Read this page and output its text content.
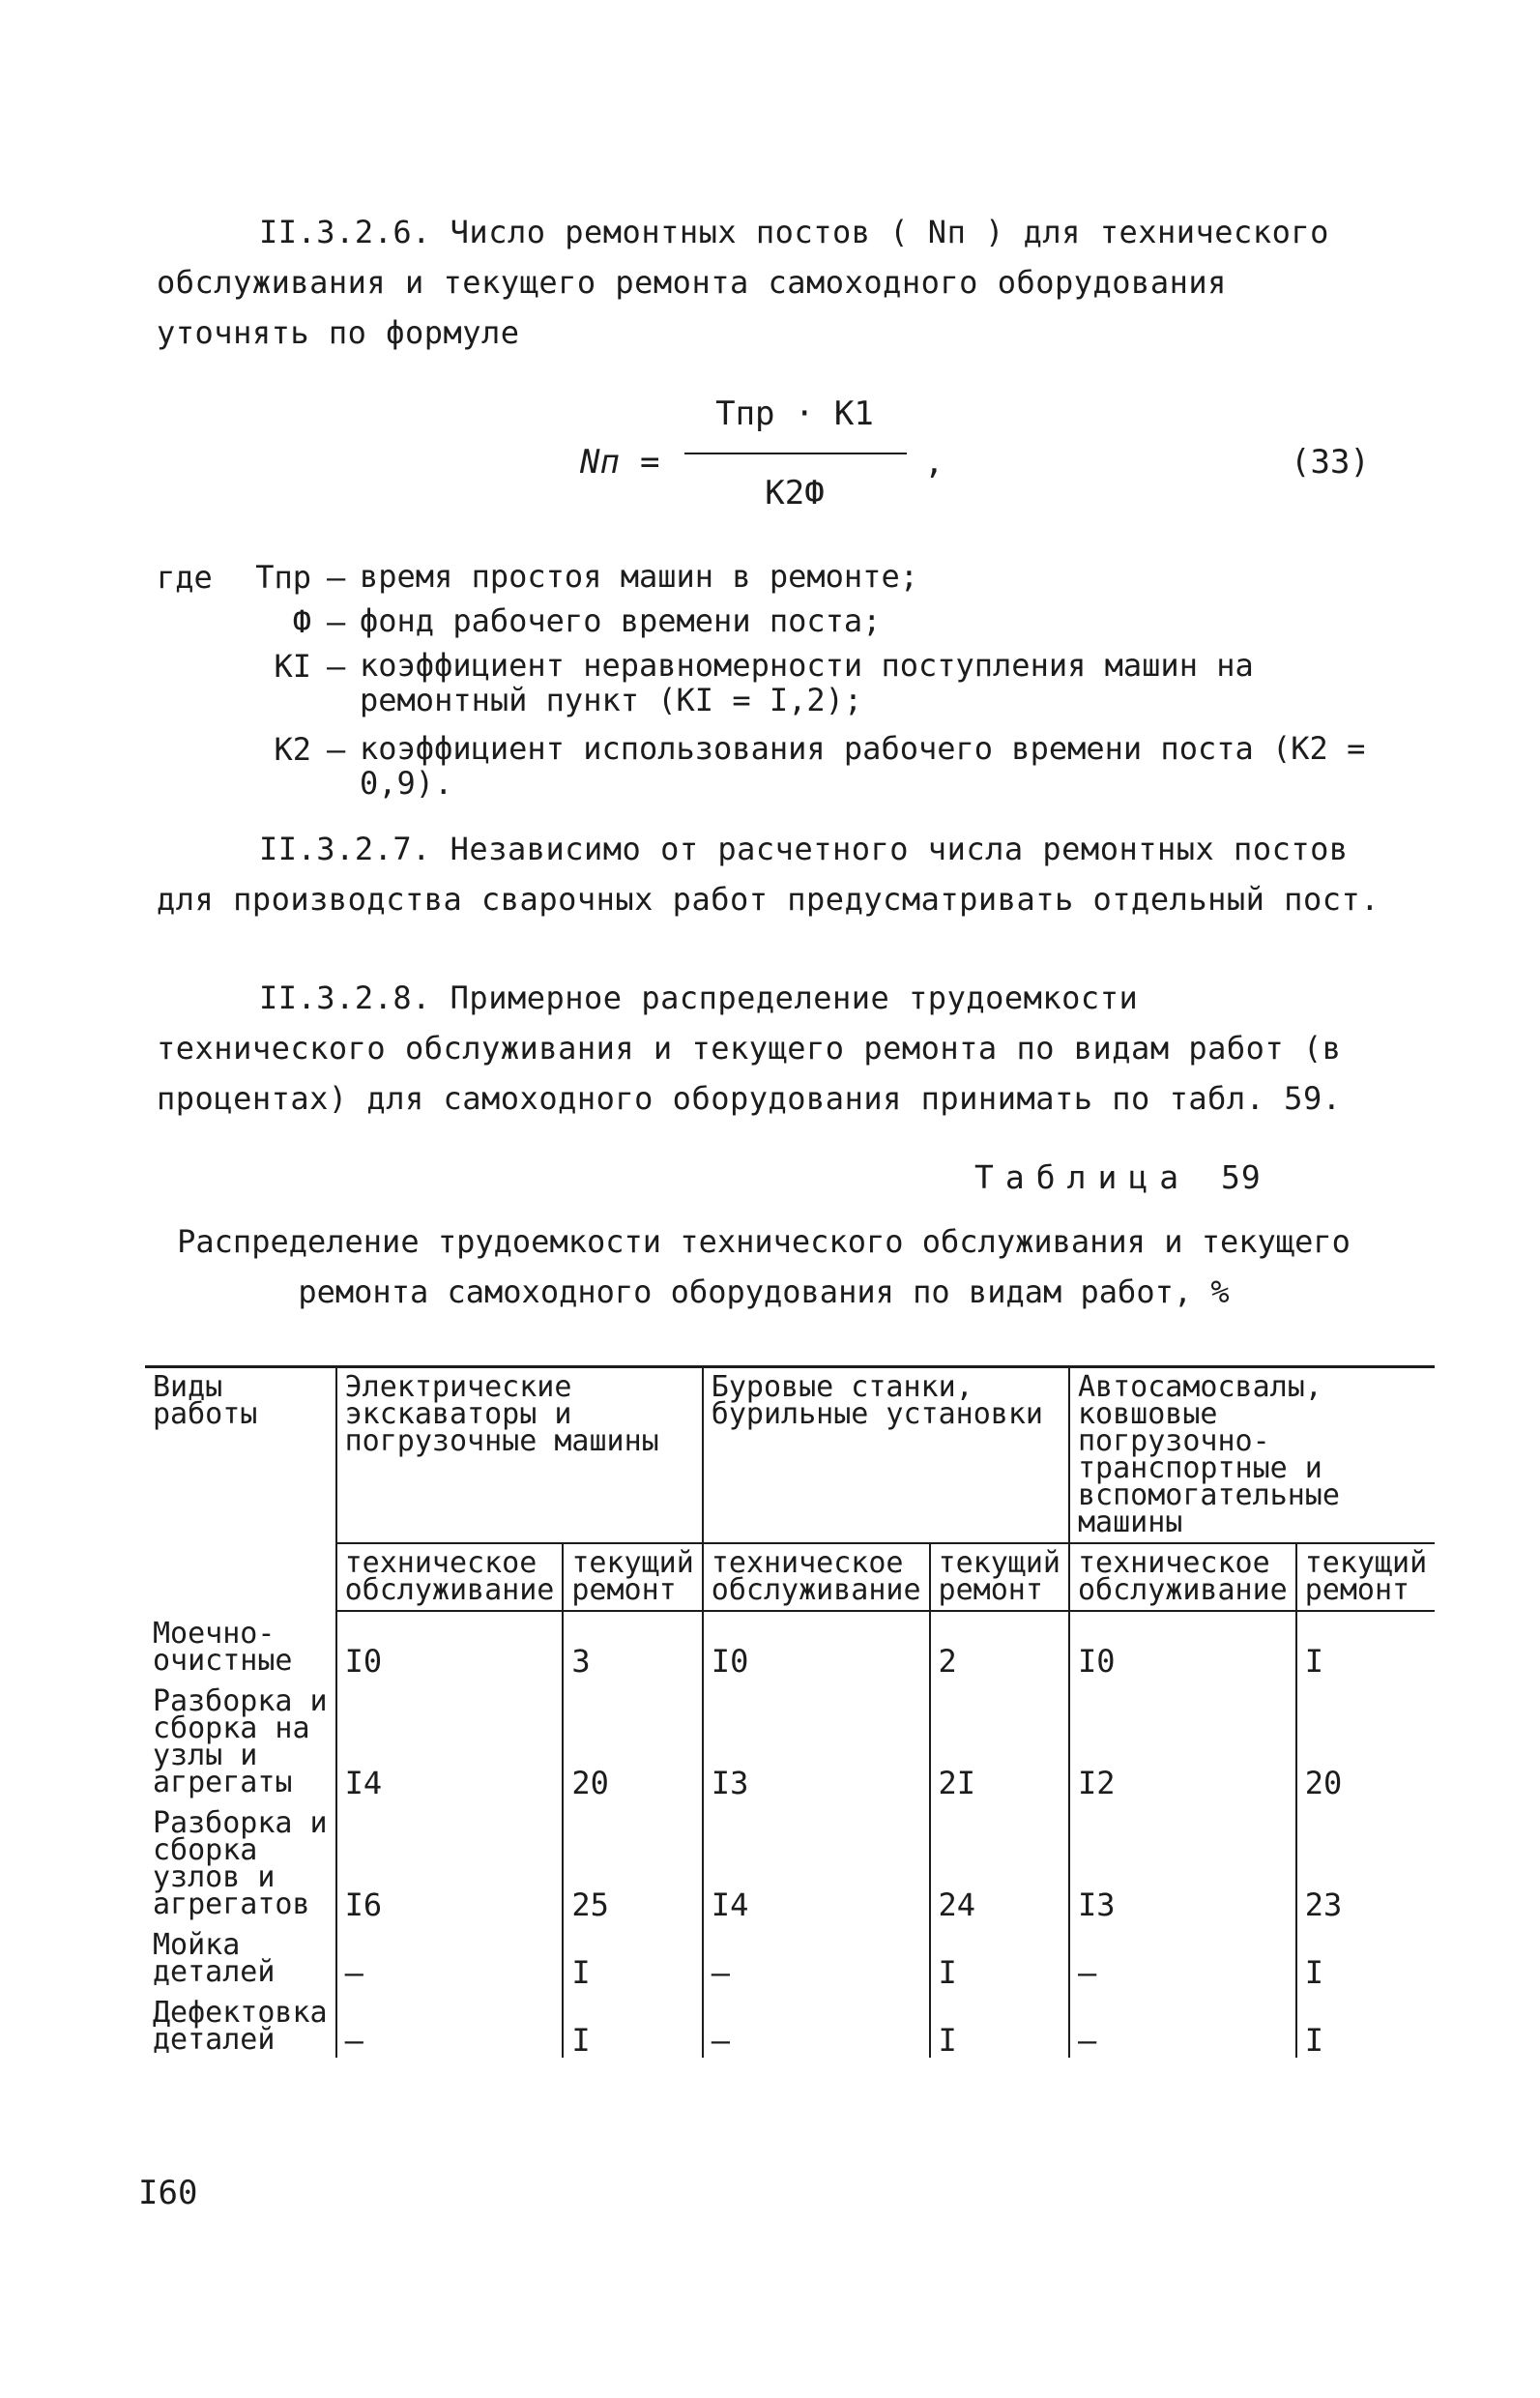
II.3.2.6. Число ремонтных постов ( Nп ) для технического обслуживания и текущего ремонта самоходного оборудования уточнять по формуле

Nп =
Тпр · К1
К2Ф
,	(33)
где	Тпр – время простоя машин в ремонте;
Ф – фонд рабочего времени поста;
КI – коэффициент неравномерности поступления машин на ремонтный пункт (КI = I,2);
К2 – коэффициент использования рабочего времени поста (К2 = 0,9).

II.3.2.7. Независимо от расчетного числа ремонтных постов для производства сварочных работ предусматривать отдельный пост.

II.3.2.8. Примерное распределение трудоемкости технического обслуживания и текущего ремонта по видам работ (в процентах) для самоходного оборудования принимать по табл. 59.

Таблица 59
Распределение трудоемкости технического обслуживания и текущего ремонта самоходного оборудования по видам работ, %
Виды работы	Электрические экскаваторы и погрузочные машины		Буровые станки, бурильные установки		Автосамосвалы, ковшовые погрузочно-транспортные и вспомогательные машины	
	техническое обслуживание	текущий ремонт	техническое обслуживание	текущий ремонт	техническое обслуживание	текущий ремонт
Моечно-очистные	I0	3	I0	2	I0	I
Разборка и сборка на узлы и агрегаты	I4	20	I3	2I	I2	20
Разборка и сборка узлов и агрегатов	I6	25	I4	24	I3	23
Мойка деталей	–	I	–	I	–	I
Дефектовка деталей	–	I	–	I	–	I
I60
